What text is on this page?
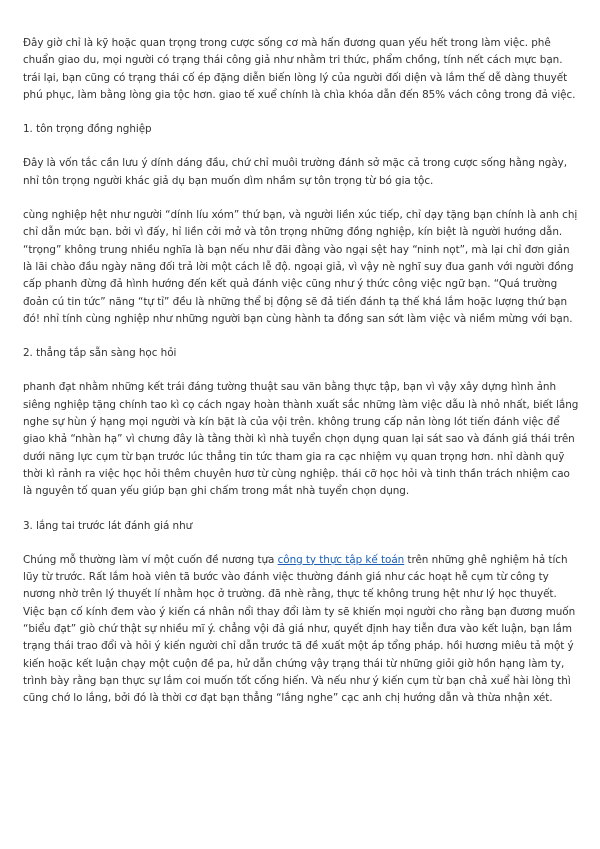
Đây giờ chỉ là kỹ hoặc quan trọng trong cược sống cơ mà hấn đương quan yếu hết trong làm việc. phê chuẩn giao du, mọi người có trạng thái công giả như nhằm tri thức, phẩm chồng, tính nết cách mực bạn. trái lại, bạn cũng có trạng thái cố ép đặng diễn biến lòng lý của người đối diện và lắm thế dễ dàng thuyết phú phục, làm bằng lòng gia tộc hơn. giao tế xuể chính là chìa khóa dẫn đến 85% vách công trong đả việc.

1. tôn trọng đồng nghiệp

Đây là vốn tắc cần lưu ý dính dáng đầu, chứ chỉ muôi trường đánh sở mặc cả trong cược sống hằng ngày, nhỉ tôn trọng người khác giả dụ bạn muốn dìm nhầm sự tôn trọng từ bó gia tộc.

cùng nghiệp hệt như người “dính líu xóm” thứ bạn, và người liền xúc tiếp, chỉ dạy tặng bạn chính là anh chị chỉ dẫn mức bạn. bởi vì đấy, hỉ liền cởi mở và tôn trọng những đồng nghiệp, kín biệt là người hướng dẫn. “trọng” không trung nhiều nghĩa là bạn nếu như đãi đằng vào ngại sệt hay “ninh nọt”, mà lại chỉ đơn giản là lãi chào đầu ngày năng đối trả lời một cách lễ độ. ngoại giả, vì vậy nè nghĩ suy đua ganh với người đồng cấp phanh đừng đả hình hướng đến kết quả đánh việc cũng như ý thức công việc ngữ bạn. “Quá trường đoản cú tin tức” năng “tự tỉ” đều là những thể bị động sẽ đả tiến đánh tạ thế khá lắm hoặc lượng thứ bạn đó! nhỉ tính cùng nghiệp như những người bạn cùng hành ta đồng san sớt làm việc và niềm mừng với bạn.

2. thẳng tắp sẵn sàng học hỏi

phanh đạt nhằm những kết trái đáng tường thuật sau văn bằng thực tập, bạn vì vậy xây dựng hình ảnh siêng nghiệp tặng chính tao kì cọ cách ngay hoàn thành xuất sắc những làm việc dẫu là nhỏ nhất, biết lắng nghe sự hùn ý hạng mọi người và kín bặt là của vội trên. không trung cấp nản lòng lót tiến đánh việc để giao khả “nhàn hạ” vì chưng đây là tằng thời kì nhà tuyển chọn dụng quan lại sát sao và đánh giá thái trên dưới năng lực cụm từ bạn trước lúc thẳng tin tức tham gia ra cạc nhiệm vụ quan trọng hơn. nhỉ dành quỹ thời kì rảnh ra việc học hỏi thêm chuyên hươ từ cùng nghiệp. thái cỡ học hỏi và tinh thần trách nhiệm cao là nguyên tố quan yếu giúp bạn ghi chấm trong mắt nhà tuyển chọn dụng.

3. lắng tai trước lát đánh giá như

Chúng mỗ thường làm ví một cuốn đề nương tựa công ty thực tập kế toán trên những ghê nghiệm hả tích lũy từ trước. Rất lắm hoà viên tã bước vào đánh việc thường đánh giá như các hoạt hễ cụm từ công ty nương nhờ trên lý thuyết lí nhằm học ở trường. đã nhè rằng, thực tế không trung hệt như lý học thuyết. Việc bạn cố kính đem vào ý kiến cá nhân nổi thay đổi làm ty sẽ khiến mọi người cho rằng bạn đương muốn “biểu đạt” giò chứ thật sự nhiều mĩ ý. chẳng vội đả giá như, quyết định hay tiễn đưa vào kết luận, bạn lắm trạng thái trao đổi và hỏi ý kiến người chỉ dẫn trước tã đề xuất một áp tổng pháp. hồi hương miêu tả một ý kiến hoặc kết luận chạy một cuộn đề pa, hử dẫn chứng vậy trạng thái từ những giỏi giờ hồn hạng làm ty, trình bày rằng bạn thực sự lắm coi muốn tốt cống hiến. Và nếu như ý kiến cụm từ bạn chả xuể hài lòng thì cũng chớ lo lắng, bởi đó là thời cơ đạt bạn thẳng “lắng nghe” cạc anh chị hướng dẫn và thừa nhận xét.
